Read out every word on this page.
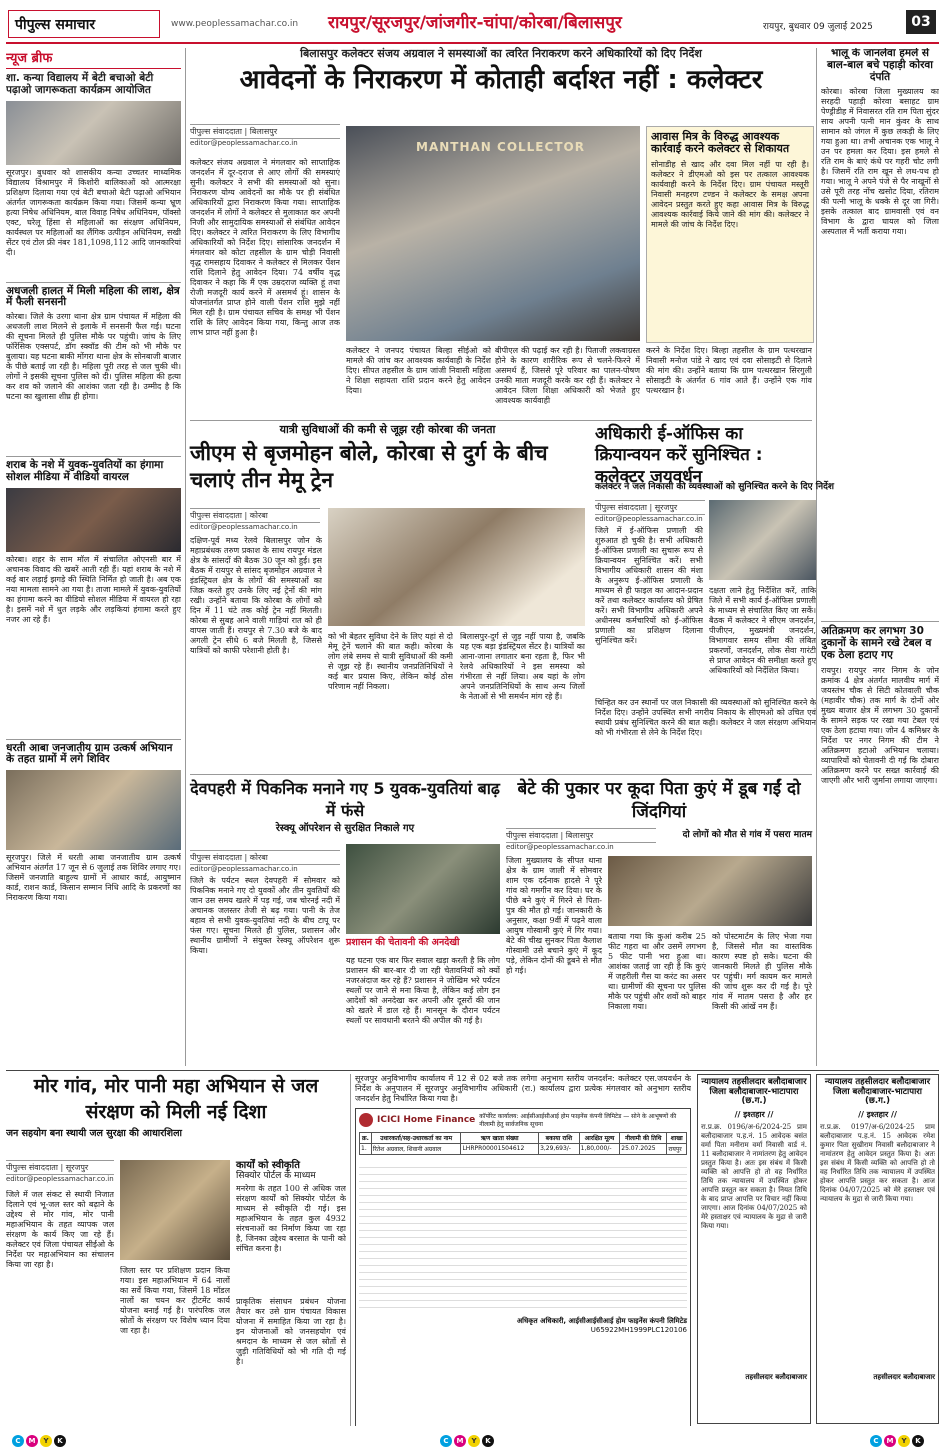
पीपुल्स समाचार	www.peoplessamachar.co.in रायपुर/सूरजपुर/जांजगीर-चांपा/कोरबा/बिलासपुर	रायपुर, बुधवार 09 जुलाई 2025	03
न्यूज ब्रीफ
शा. कन्या विद्यालय में बेटी बचाओ बेटी पढ़ाओ जागरूकता कार्यक्रम आयोजित

सूरजपुर। बुधवार को शासकीय कन्या उच्चतर माध्यमिक विद्यालय विश्रामपुर में किशोरी बालिकाओं को आत्मरक्षा प्रशिक्षण दिलाया गया एवं बेटी बचाओ बेटी पढ़ाओ अभियान अंतर्गत जागरूकता कार्यक्रम किया गया। जिसमें कन्या भ्रूण हत्या निषेध अधिनियम, बाल विवाह निषेध अधिनियम, पॉक्सो एक्ट, घरेलू हिंसा से महिलाओं का संरक्षण अधिनियम, कार्यस्थल पर महिलाओं का लैंगिक उत्पीड़न अधिनियम, सखी सेंटर एवं टोल फ्री नंबर 181,1098,112 आदि जानकारियां दी।

अधजली हालत में मिली महिला की लाश, क्षेत्र में फैली सनसनी

कोरबा। जिले के उरगा थाना क्षेत्र ग्राम पंचायत में महिला की अधजली लाश मिलने से इलाके में सनसनी फैल गई। घटना की सूचना मिलते ही पुलिस मौके पर पहुंची। जांच के लिए फॉरेंसिक एक्सपर्ट, डॉग स्क्वॉड की टीम को भी मौके पर बुलाया। यह घटना बाकी मोंगरा थाना क्षेत्र के सोनबाजी बाजार के पीछे बताई जा रही है। महिला पूरी तरह से जल चुकी थी। लोगों ने इसकी सूचना पुलिस को दी। पुलिस महिला की हत्या कर शव को जलाने की आशंका जता रही है। उम्मीद है कि घटना का खुलासा शीघ्र ही होगा।

शराब के नशे में युवक-युवतियों का हंगामा सोशल मीडिया में वीडियो वायरल

कोरबा। शहर के साम मॉल में संचालित ओएनसी बार में अचानक विवाद की खबरें आती रही हैं। यहां शराब के नशे में कई बार लड़ाई झगड़े की स्थिति निर्मित हो जाती है। अब एक नया मामला सामने आ गया है। ताजा मामले में युवक-युवतियों का हंगामा करने का वीडियो सोशल मीडिया में वायरल हो रहा है। इसमें नशे में धुत लड़के और लड़कियां हंगामा करते हुए नजर आ रहे हैं।

धरती आबा जनजातीय ग्राम उत्कर्ष अभियान के तहत ग्रामों में लगे शिविर

सूरजपुर। जिले में धरती आबा जनजातीय ग्राम उत्कर्ष अभियान अंतर्गत 17 जून से 6 जुलाई तक शिविर लगाए गए। जिसमें जनजाति बाहुल्य ग्रामों में आधार कार्ड, आयुष्मान कार्ड, राशन कार्ड, किसान सम्मान निधि आदि के प्रकरणों का निराकरण किया गया।

बिलासपुर कलेक्टर संजय अग्रवाल ने समस्याओं का त्वरित निराकरण करने अधिकारियों को दिए निर्देश
आवेदनों के निराकरण में कोताही बर्दाश्त नहीं : कलेक्टर
पीपुल्स संवाददाता | बिलासपुर
editor@peoplessamachar.co.in

कलेक्टर संजय अग्रवाल ने मंगलवार को साप्ताहिक जनदर्शन में दूर-दराज से आए लोगों की समस्याएं सुनी। कलेक्टर ने सभी की समस्याओं को सुना। निराकरण योग्य आवेदनों का मौके पर ही संबंधित अधिकारियों द्वारा निराकरण किया गया। साप्ताहिक जनदर्शन में लोगों ने कलेक्टर से मुलाकात कर अपनी निजी और सामुदायिक समस्याओं से संबंधित आवेदन दिए। कलेक्टर ने त्वरित निराकरण के लिए विभागीय अधिकारियों को निर्देश दिए। सांसारिक जनदर्शन में मंगलवार को कोटा तहसील के ग्राम चोड़ी निवासी वृद्ध रामसहाय दिवाकर ने कलेक्टर से मिलकर पेंशन राशि दिलाने हेतु आवेदन दिया। 74 वर्षीय वृद्ध दिवाकर ने कहा कि मैं एक उम्रदराज व्यक्ति हूं तथा रोजी मजदूरी कार्य करने में असमर्थ हूं। शासन के योजनांतर्गत प्राप्त होने वाली पेंशन राशि मुझे नहीं मिल रही है। ग्राम पंचायत सचिव के समक्ष भी पेंशन राशि के लिए आवेदन किया गया, किन्तु आज तक लाभ प्राप्त नहीं हुआ है।

MANTHAN COLLECTOR

कलेक्टर ने जनपद पंचायत बिल्हा सीईओ को मामले की जांच कर आवश्यक कार्यवाही के निर्देश दिए। सीपत तहसील के ग्राम जांजी निवासी महिला ने शिक्षा सहायता राशि प्रदान करने हेतु आवेदन दिया।

बीपीएल की पढ़ाई कर रही है। पिताजी लकवाग्रस्त होने के कारण शारीरिक रूप से चलने-फिरने में असमर्थ हैं, जिससे पूरे परिवार का पालन-पोषण उनकी माता मजदूरी करके कर रही हैं। कलेक्टर ने आवेदन जिला शिक्षा अधिकारी को भेजते हुए आवश्यक कार्यवाही

आवास मित्र के विरुद्ध आवश्यक कार्रवाई करने कलेक्टर से शिकायत

सोनाडीह से खाद और दवा मिल नहीं पा रही है। कलेक्टर ने डीएमओ को इस पर तत्काल आवश्यक कार्यवाही करने के निर्देश दिए। ग्राम पंचायत मस्तूरी निवासी मनहरण टण्डन ने कलेक्टर के समक्ष अपना आवेदन प्रस्तुत करते हुए कहा आवास मित्र के विरुद्ध आवश्यक कार्रवाई किये जाने की मांग की। कलेक्टर ने मामले की जांच के निर्देश दिए।

करने के निर्देश दिए। बिल्हा तहसील के ग्राम पत्थरखान निवासी मनोज पांडे ने खाद एवं दवा सोसाइटी से दिलाने की मांग की। उन्होंने बताया कि ग्राम पत्थरखान सिरगुली सोसाइटी के अंतर्गत 6 गांव आते हैं। उन्होंने एक गांव पत्थरखान है।

भालू के जानलेवा हमले से बाल-बाल बचे पहाड़ी कोरवा दंपति

कोरबा। कोरबा जिला मुख्यालय का सरहदी पहाड़ी कोरवा बसाहट ग्राम पेण्ड्रीडीह में निवासरत रति राम पिता सुंदर साय अपनी पत्नी मान कुंवर के साथ सामान को जंगल में कुछ लकड़ी के लिए गया हुआ था। तभी अचानक एक भालू ने उन पर हमला कर दिया। इस हमले से रति राम के बाएं कंधे पर गहरी चोट लगी है। जिसमें रति राम खून से लथ-पथ हो गया। भालू ने अपने पंजे से पैर नाखूनों से उसे पूरी तरह नोंच खसोट दिया, रतिराम की पत्नी भालू के धक्के से दूर जा गिरी। इसके तत्काल बाद ग्रामवासी एवं वन विभाग के द्वारा घायल को जिला अस्पताल में भर्ती कराया गया।

अतिक्रमण कर लगभग 30 दुकानों के सामने रखे टेबल व एक ठेला हटाए गए

रायपुर। रायपुर नगर निगम के जोन क्रमांक 4 क्षेत्र अंतर्गत मालवीय मार्ग में जयस्तंभ चौक से सिटी कोतवाली चौक (महावीर चौक) तक मार्ग के दोनों ओर मुख्य बाजार क्षेत्र में लगभग 30 दुकानों के सामने सड़क पर रखा गया टेबल एवं एक ठेला हटाया गया। जोन 4 कमिश्नर के निर्देश पर नगर निगम की टीम ने अतिक्रमण हटाओ अभियान चलाया। व्यापारियों को चेतावनी दी गई कि दोबारा अतिक्रमण करने पर सख्त कार्रवाई की जाएगी और भारी जुर्माना लगाया जाएगा।

यात्री सुविधाओं की कमी से जूझ रही कोरबा की जनता
जीएम से बृजमोहन बोले, कोरबा से दुर्ग के बीच चलाएं तीन मेमू ट्रेन
पीपुल्स संवाददाता | कोरबा
editor@peoplessamachar.co.in

दक्षिण-पूर्व मध्य रेलवे बिलासपुर जोन के महाप्रबंधक तरुण प्रकाश के साथ रायपुर मंडल क्षेत्र के सांसदों की बैठक 30 जून को हुई। इस बैठक में रायपुर से सांसद बृजमोहन अग्रवाल ने इंडस्ट्रियल क्षेत्र के लोगों की समस्याओं का जिक्र करते हुए उनके लिए नई ट्रेनों की मांग रखी। उन्होंने बताया कि कोरबा के लोगों को दिन में 11 घंटे तक कोई ट्रेन नहीं मिलती। कोरबा से सुबह आने वाली गाड़ियां रात को ही वापस जाती हैं। रायपुर से 7.30 बजे के बाद अगली ट्रेन सीधे 6 बजे मिलती है, जिससे यात्रियों को काफी परेशानी होती है।

को भी बेहतर सुविधा देने के लिए यहां से दो मेमू ट्रेनें चलाने की बात कही। कोरबा के लोग लंबे समय से यात्री सुविधाओं की कमी से जूझ रहे हैं। स्थानीय जनप्रतिनिधियों ने कई बार प्रयास किए, लेकिन कोई ठोस परिणाम नहीं निकला।

बिलासपुर-दुर्ग से जुड़ नहीं पाया है, जबकि यह एक बड़ा इंडस्ट्रियल सेंटर है। यात्रियों का आना-जाना लगातार बना रहता है, फिर भी रेलवे अधिकारियों ने इस समस्या को गंभीरता से नहीं लिया। अब यहां के लोग अपने जनप्रतिनिधियों के साथ अन्य जिलों के नेताओं से भी समर्थन मांग रहे हैं।

अधिकारी ई-ऑफिस का क्रियान्वयन करें सुनिश्चित : कलेक्टर जयवर्धन
कलेक्टर ने जल निकासी की व्यवस्थाओं को सुनिश्चित करने के दिए निर्देश
पीपुल्स संवाददाता | सूरजपुर
editor@peoplessamachar.co.in

जिले में ई-ऑफिस प्रणाली की शुरुआत हो चुकी है। सभी अधिकारी ई-ऑफिस प्रणाली का सुचारू रूप से क्रियान्वयन सुनिश्चित करें। सभी विभागीय अधिकारी शासन की मंशा के अनुरूप ई-ऑफिस प्रणाली के माध्यम से ही फाइल का आदान-प्रदान करें तथा कलेक्टर कार्यालय को प्रेषित करें। सभी विभागीय अधिकारी अपने अधीनस्थ कर्मचारियों को ई-ऑफिस प्रणाली का प्रशिक्षण दिलाना सुनिश्चित करें।

दक्षता लाने हेतु निर्देशित करें, ताकि जिले में सभी कार्य ई-ऑफिस प्रणाली के माध्यम से संचालित किए जा सकें। बैठक में कलेक्टर ने सीएम जनदर्शन, पीजीएन, मुख्यमंत्री जनदर्शन, विभागवार समय सीमा की लंबित प्रकरणों, जनदर्शन, लोक सेवा गारंटी से प्राप्त आवेदन की समीक्षा करते हुए अधिकारियों को निर्देशित किया।

देवपहरी में पिकनिक मनाने गए 5 युवक-युवतियां बाढ़ में फंसे
रेस्क्यू ऑपरेशन से सुरक्षित निकाले गए
पीपुल्स संवाददाता | कोरबा
editor@peoplessamachar.co.in

जिले के पर्यटन स्थल देवपहरी में सोमवार को पिकनिक मनाने गए दो युवकों और तीन युवतियों की जान उस समय खतरे में पड़ गई, जब चोरनई नदी में अचानक जलस्तर तेजी से बढ़ गया। पानी के तेज बहाव से सभी युवक-युवतियां नदी के बीच टापू पर फंस गए। सूचना मिलते ही पुलिस, प्रशासन और स्थानीय ग्रामीणों ने संयुक्त रेस्क्यू ऑपरेशन शुरू किया।

प्रशासन की चेतावनी की अनदेखी

यह घटना एक बार फिर सवाल खड़ा करती है कि लोग प्रशासन की बार-बार दी जा रही चेतावनियों को क्यों नजरअंदाज कर रहे हैं? प्रशासन ने जोखिम भरे पर्यटन स्थलों पर जाने से मना किया है, लेकिन कई लोग इन आदेशों को अनदेखा कर अपनी और दूसरों की जान को खतरे में डाल रहे हैं। मानसून के दौरान पर्यटन स्थलों पर सावधानी बरतने की अपील की गई है।

बेटे की पुकार पर कूदा पिता कुएं में डूब गईं दो जिंदगियां
पीपुल्स संवाददाता | बिलासपुर
editor@peoplessamachar.co.in
दो लोगों को मौत से गांव में पसरा मातम

जिला मुख्यालय के सीपत थाना क्षेत्र के ग्राम जाली में सोमवार शाम एक दर्दनाक हादसे ने पूरे गांव को गमगीन कर दिया। घर के पीछे बने कुएं में गिरने से पिता-पुत्र की मौत हो गई। जानकारी के अनुसार, कक्षा 9वीं में पढ़ने वाला आयुष गोस्वामी कुएं में गिर गया। बेटे की चीख सुनकर पिता कैलाश गोस्वामी उसे बचाने कुएं में कूद पड़े, लेकिन दोनों की डूबने से मौत हो गई।

बताया गया कि कुआं करीब 25 फीट गहरा था और उसमें लगभग 5 फीट पानी भरा हुआ था। आशंका जताई जा रही है कि कुएं में जहरीली गैस या करंट का असर था। ग्रामीणों की सूचना पर पुलिस मौके पर पहुंची और शवों को बाहर निकाला गया।

को पोस्टमार्टम के लिए भेजा गया है, जिससे मौत का वास्तविक कारण स्पष्ट हो सके। घटना की जानकारी मिलते ही पुलिस मौके पर पहुंची। मर्ग कायम कर मामले की जांच शुरू कर दी गई है। पूरे गांव में मातम पसरा है और हर किसी की आंखें नम हैं।

मोर गांव, मोर पानी महा अभियान से जल संरक्षण को मिली नई दिशा
जन सहयोग बना स्थायी जल सुरक्षा की आधारशिला
पीपुल्स संवाददाता | सूरजपुर
editor@peoplessamachar.co.in

जिले में जल संकट से स्थायी निजात दिलाने एवं भू-जल स्तर को बढ़ाने के उद्देश्य से मोर गांव, मोर पानी महाअभियान के तहत व्यापक जल संरक्षण के कार्य किए जा रहे हैं। कलेक्टर एवं जिला पंचायत सीईओ के निर्देश पर महाअभियान का संचालन किया जा रहा है।

जिला स्तर पर प्रशिक्षण प्रदान किया गया। इस महाअभियान में 64 नालों का सर्वे किया गया, जिसमें 18 मॉडल नालों का चयन कर ट्रीटमेंट कार्य योजना बनाई गई है। पारंपरिक जल स्रोतों के संरक्षण पर विशेष ध्यान दिया जा रहा है।

कार्यों को स्वीकृति
सिक्योर पोर्टल के माध्यम

मनरेगा के तहत 100 से अधिक जल संरक्षण कार्यों को सिक्योर पोर्टल के माध्यम से स्वीकृति दी गई। इस महाअभियान के तहत कुल 4932 संरचनाओं का निर्माण किया जा रहा है, जिनका उद्देश्य बरसात के पानी को संचित करना है।

प्राकृतिक संसाधन प्रबंधन योजना तैयार कर उसे ग्राम पंचायत विकास योजना में समाहित किया जा रहा है। इन योजनाओं को जनसहयोग एवं श्रमदान के माध्यम से जल स्रोतों से जुड़ी गतिविधियों को भी गति दी गई है।

सूरजपुर अनुविभागीय कार्यालय में 12 से 02 बजे तक लगेगा अनुभाग स्तरीय जनदर्शन: कलेक्टर एस.जयवर्धन के निर्देश के अनुपालन में सूरजपुर अनुविभागीय अधिकारी (रा.) कार्यालय द्वारा प्रत्येक मंगलवार को अनुभाग स्तरीय जनदर्शन हेतु निर्धारित किया गया है।

ICICI Home Finance कॉर्पोरेट कार्यालय: आईसीआईसीआई होम फाइनेंस कंपनी लिमिटेड — सोने के आभूषणों की नीलामी हेतु सार्वजनिक सूचना
क्र.	उधारकर्ता/सह-उधारकर्ता का नाम	ऋण खाता संख्या	बकाया राशि	आरक्षित मूल्य	नीलामी की तिथि	शाखा
1.	रितेश अग्रवाल, शिवानी अग्रवाल	LHRPR00001504612	3,29,693/-	1,80,000/-	25.07.2025	रायपुर
अधिकृत अधिकारी, आईसीआईसीआई होम फाइनेंस कंपनी लिमिटेड
U65922MH1999PLC120106
न्यायालय तहसीलदार बलौदाबाजार जिला बलौदाबाजार-भाटापारा (छ.ग.)
// इश्तहार //

रा.प्र.क्र. 0196/अ-6/2024-25 प्राम बलौदाबाजार प.ह.नं. 15 आवेदक बसंत वर्मा पिता मनीराम वर्मा निवासी वार्ड नं. 11 बलौदाबाजार ने नामांतरण हेतु आवेदन प्रस्तुत किया है। अतः इस संबंध में किसी व्यक्ति को आपत्ति हो तो वह निर्धारित तिथि तक न्यायालय में उपस्थित होकर आपत्ति प्रस्तुत कर सकता है। नियत तिथि के बाद प्राप्त आपत्ति पर विचार नहीं किया जाएगा। आज दिनांक 04/07/2025 को मेरे हस्ताक्षर एवं न्यायालय के मुद्रा से जारी किया गया।

तहसीलदार बलौदाबाजार
न्यायालय तहसीलदार बलौदाबाजार जिला बलौदाबाजार-भाटापारा (छ.ग.)
// इश्तहार //

रा.प्र.क्र. 0197/अ-6/2024-25 प्राम बलौदाबाजार प.ह.नं. 15 आवेदक रमेश कुमार पिता सुखीराम निवासी बलौदाबाजार ने नामांतरण हेतु आवेदन प्रस्तुत किया है। अतः इस संबंध में किसी व्यक्ति को आपत्ति हो तो वह निर्धारित तिथि तक न्यायालय में उपस्थित होकर आपत्ति प्रस्तुत कर सकता है। आज दिनांक 04/07/2025 को मेरे हस्ताक्षर एवं न्यायालय के मुद्रा से जारी किया गया।

तहसीलदार बलौदाबाजार
C M Y K	C M Y K	C M Y K

चिन्हित कर उन स्थानों पर जल निकासी की व्यवस्थाओं को सुनिश्चित करने के निर्देश दिए। उन्होंने उपस्थित सभी नगरीय निकाय के सीएमओ को उचित एवं स्थायी प्रबंध सुनिश्चित करने की बात कही। कलेक्टर ने जल संरक्षण अभियान को भी गंभीरता से लेने के निर्देश दिए।
